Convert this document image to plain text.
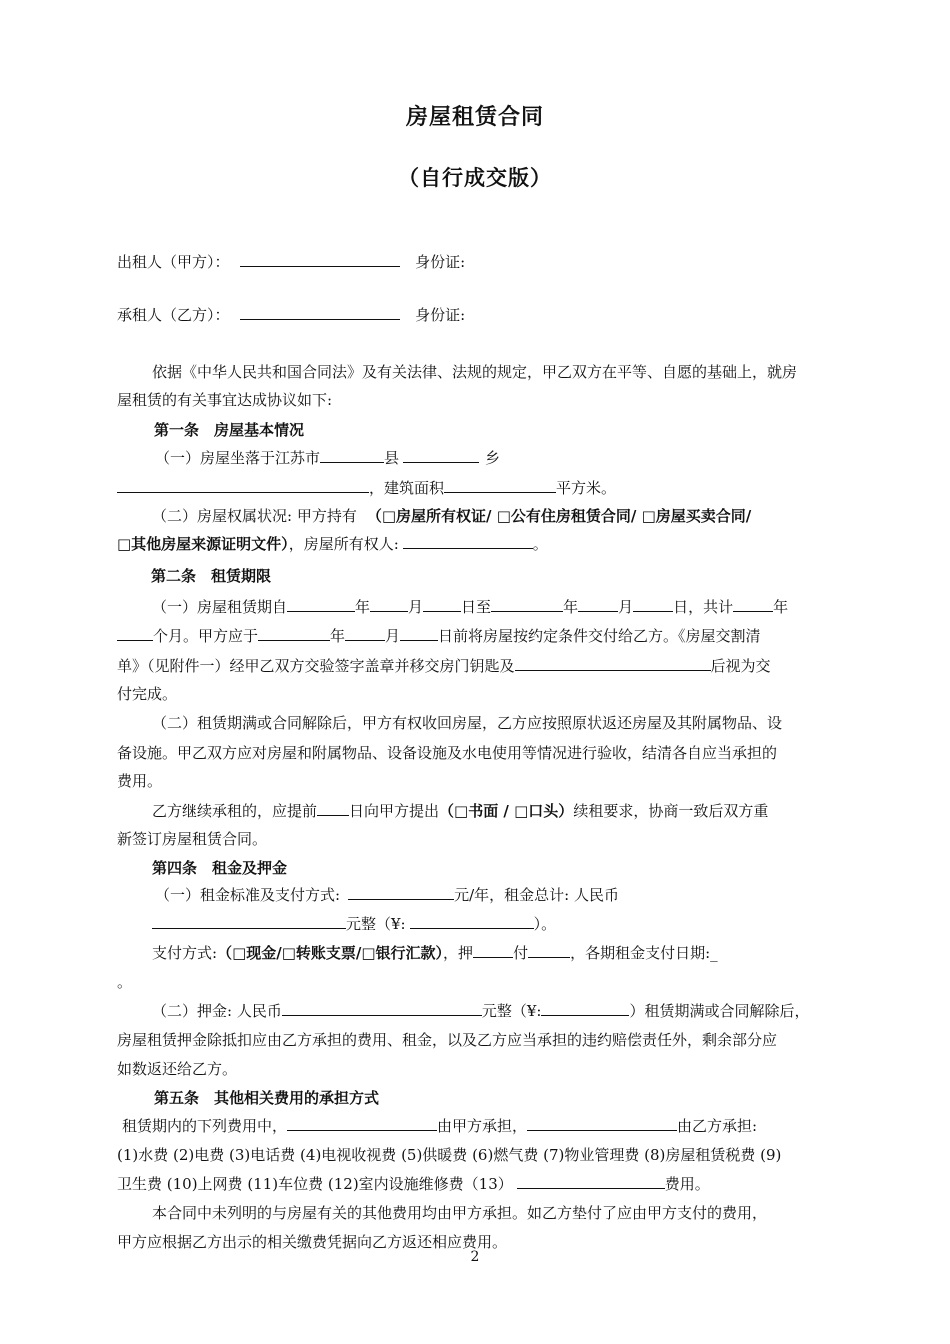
房屋租赁合同
（自行成交版）
出租人（甲方）：	身份证:
承租人（乙方）：	身份证:
依据《中华人民共和国合同法》及有关法律、法规的规定，甲乙双方在平等、自愿的基础上，就房
屋租赁的有关事宜达成协议如下:
第一条　房屋基本情况
（一）房屋坐落于江苏市	县	乡
，建筑面积	平方米。
（二）房屋权属状况: 甲方持有 （□房屋所有权证/ □公有住房租赁合同/ □房屋买卖合同/
□其他房屋来源证明文件），房屋所有权人:	。
第二条　租赁期限
（一）房屋租赁期自	年	月	日至	年	月	日，共计	年
个月。甲方应于	年	月	日前将房屋按约定条件交付给乙方。《房屋交割清
单》（见附件一）经甲乙双方交验签字盖章并移交房门钥匙及	后视为交
付完成。
（二）租赁期满或合同解除后，甲方有权收回房屋，乙方应按照原状返还房屋及其附属物品、设
备设施。甲乙双方应对房屋和附属物品、设备设施及水电使用等情况进行验收，结清各自应当承担的
费用。
乙方继续承租的，应提前 日向甲方提出（□书面 / □口头）续租要求，协商一致后双方重
新签订房屋租赁合同。
第四条　租金及押金
（一）租金标准及支付方式:	元/年，租金总计: 人民币
元整（¥:	）。
支付方式:（□现金/□转账支票/□银行汇款），押	付	，各期租金支付日期:_
。
（二）押金: 人民币	元整（¥:	）租赁期满或合同解除后，
房屋租赁押金除抵扣应由乙方承担的费用、租金，以及乙方应当承担的违约赔偿责任外，剩余部分应
如数返还给乙方。
第五条　其他相关费用的承担方式
租赁期内的下列费用中，	由甲方承担，	由乙方承担:
(1)水费 (2)电费 (3)电话费 (4)电视收视费 (5)供暖费 (6)燃气费 (7)物业管理费 (8)房屋租赁税费 (9)
卫生费 (10)上网费 (11)车位费 (12)室内设施维修费（13）	费用。
本合同中未列明的与房屋有关的其他费用均由甲方承担。如乙方垫付了应由甲方支付的费用，
甲方应根据乙方出示的相关缴费凭据向乙方返还相应费用。
2
